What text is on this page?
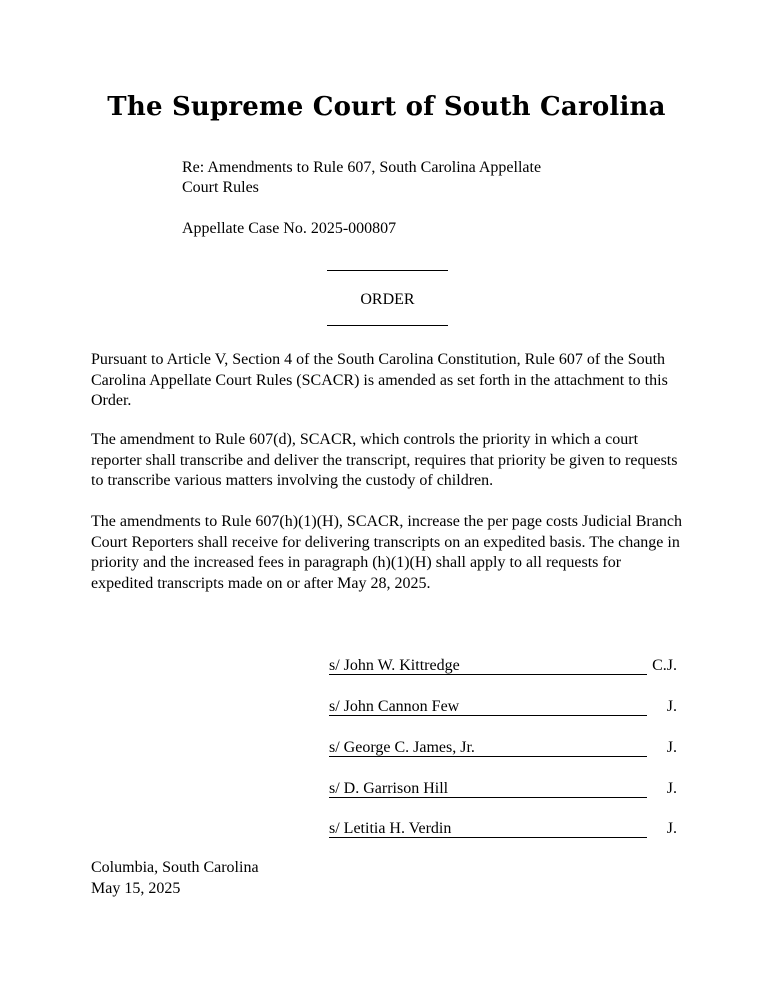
The Supreme Court of South Carolina
Re: Amendments to Rule 607, South Carolina Appellate
Court Rules
Appellate Case No. 2025-000807
ORDER

Pursuant to Article V, Section 4 of the South Carolina Constitution, Rule 607 of the South Carolina Appellate Court Rules (SCACR) is amended as set forth in the attachment to this Order.

The amendment to Rule 607(d), SCACR, which controls the priority in which a court reporter shall transcribe and deliver the transcript, requires that priority be given to requests to transcribe various matters involving the custody of children.

The amendments to Rule 607(h)(1)(H), SCACR, increase the per page costs Judicial Branch Court Reporters shall receive for delivering transcripts on an expedited basis. The change in priority and the increased fees in paragraph (h)(1)(H) shall apply to all requests for expedited transcripts made on or after May 28, 2025.

s/ John W. Kittredge	C.J.
s/ John Cannon Few	J.
s/ George C. James, Jr.	J.
s/ D. Garrison Hill	J.
s/ Letitia H. Verdin	J.
Columbia, South Carolina
May 15, 2025
